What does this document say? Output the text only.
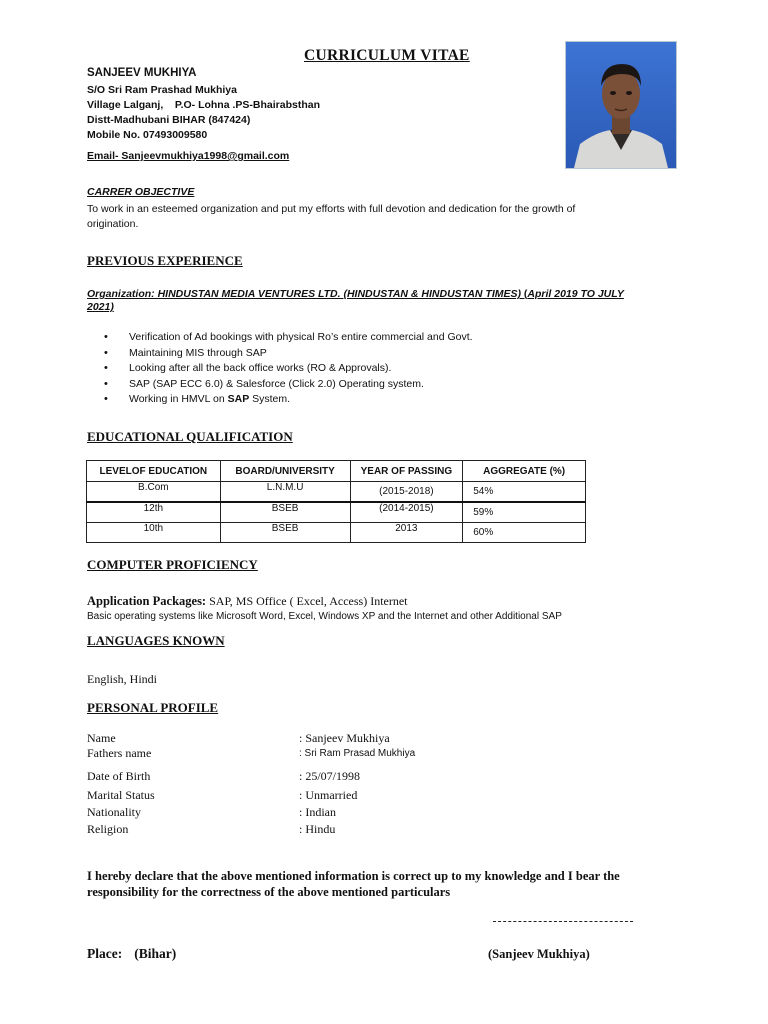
CURRICULUM VITAE
SANJEEV MUKHIYA
S/O Sri Ram Prashad Mukhiya
Village Lalganj,    P.O- Lohna .PS-Bhairabsthan
Distt-Madhubani BIHAR (847424)
Mobile No. 07493009580
Email- Sanjeevmukhiya1998@gmail.com
CARRER OBJECTIVE
To work in an esteemed organization and put my efforts with full devotion and dedication for the growth of origination.
PREVIOUS EXPERIENCE
Organization: HINDUSTAN MEDIA VENTURES LTD. (HINDUSTAN & HINDUSTAN TIMES) (April 2019 TO JULY 2021)
• Verification of Ad bookings with physical Ro’s entire commercial and Govt.
• Maintaining MIS through SAP
• Looking after all the back office works (RO & Approvals).
• SAP (SAP ECC 6.0) & Salesforce (Click 2.0) Operating system.
• Working in HMVL on SAP System.
EDUCATIONAL QUALIFICATION
LEVELOF EDUCATION	BOARD/UNIVERSITY	YEAR OF PASSING	AGGREGATE (%)
B.Com	L.N.M.U	(2015-2018)	54%
12th	BSEB	(2014-2015)	59%
10th	BSEB	2013	60%
COMPUTER PROFICIENCY
Application Packages: SAP, MS Office ( Excel, Access) Internet
Basic operating systems like Microsoft Word, Excel, Windows XP and the Internet and other Additional SAP
LANGUAGES KNOWN
English, Hindi
PERSONAL PROFILE
Name	: Sanjeev Mukhiya
Fathers name	: Sri Ram Prasad Mukhiya
Date of Birth	: 25/07/1998
Marital Status	: Unmarried
Nationality	: Indian
Religion	: Hindu
I hereby declare that the above mentioned information is correct up to my knowledge and I bear the responsibility for the correctness of the above mentioned particulars
Place: (Bihar)	(Sanjeev Mukhiya)
